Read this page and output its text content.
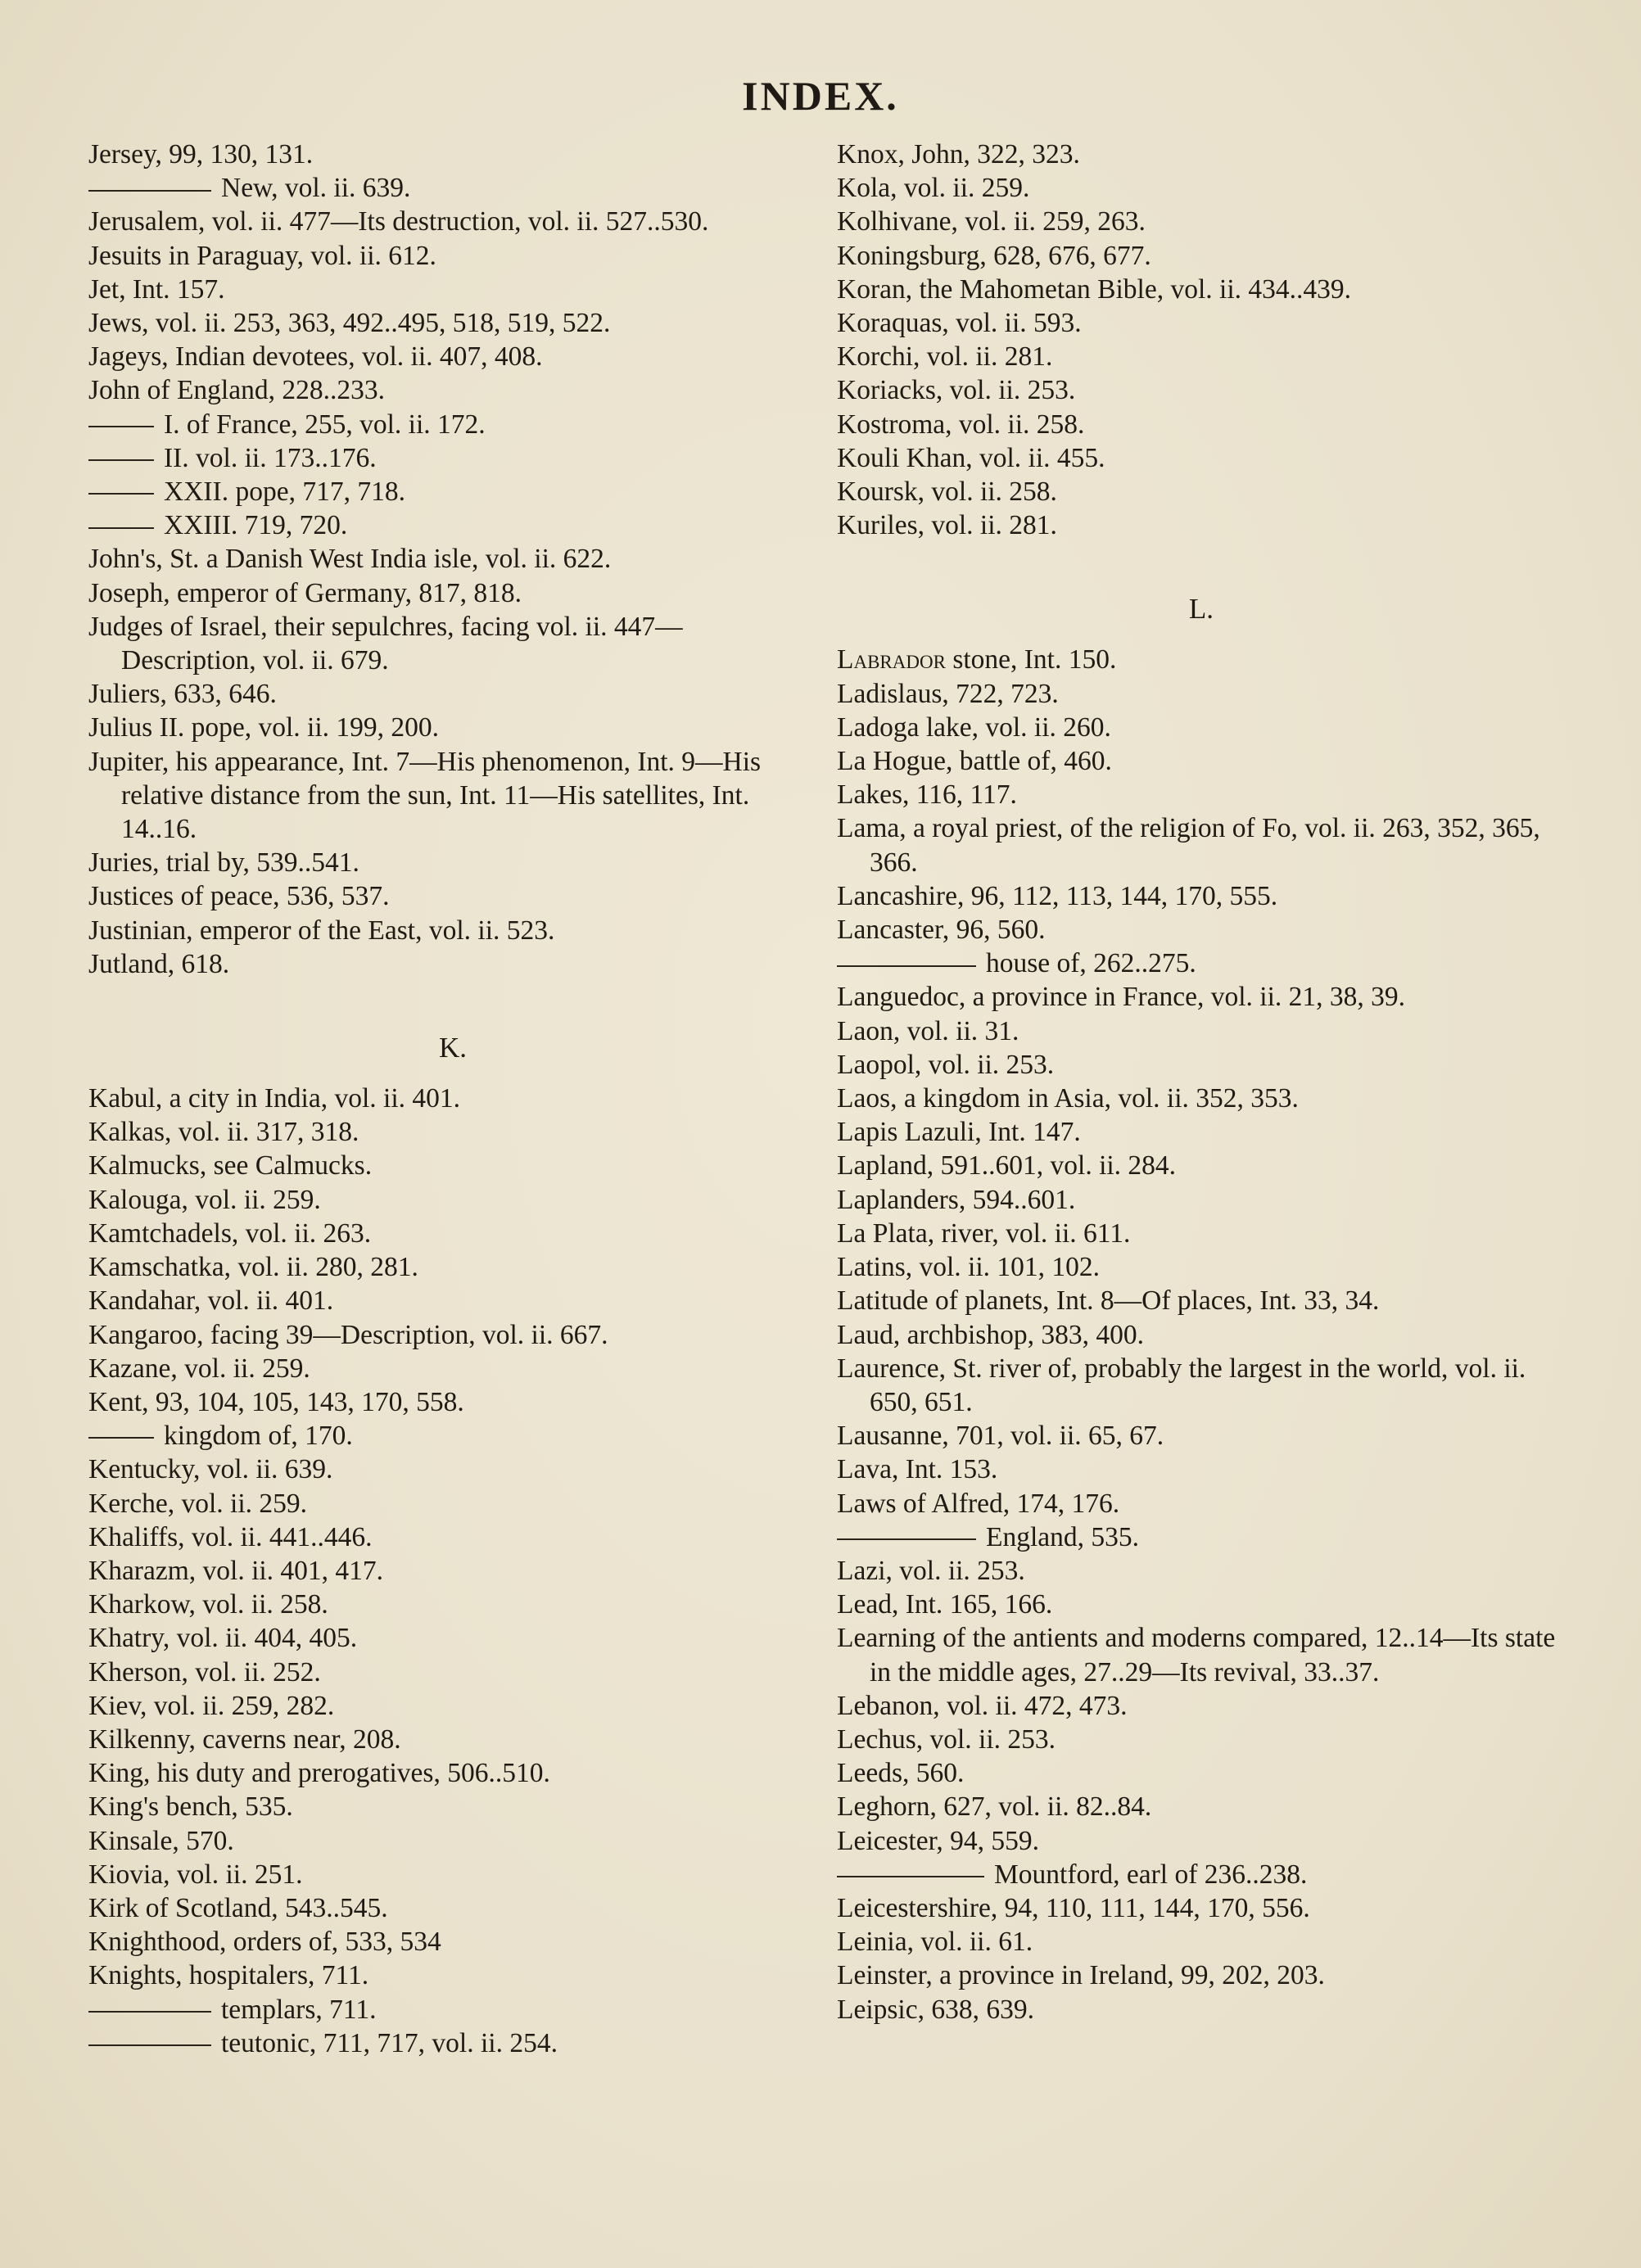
INDEX.
Jersey, 99, 130, 131.
New, vol. ii. 639.
Jerusalem, vol. ii. 477—Its destruction, vol. ii. 527..530.
Jesuits in Paraguay, vol. ii. 612.
Jet, Int. 157.
Jews, vol. ii. 253, 363, 492..495, 518, 519, 522.
Jageys, Indian devotees, vol. ii. 407, 408.
John of England, 228..233.
I. of France, 255, vol. ii. 172.
II. vol. ii. 173..176.
XXII. pope, 717, 718.
XXIII. 719, 720.
John's, St. a Danish West India isle, vol. ii. 622.
Joseph, emperor of Germany, 817, 818.
Judges of Israel, their sepulchres, facing vol. ii. 447—Description, vol. ii. 679.
Juliers, 633, 646.
Julius II. pope, vol. ii. 199, 200.
Jupiter, his appearance, Int. 7—His phenomenon, Int. 9—His relative distance from the sun, Int. 11—His satellites, Int. 14..16.
Juries, trial by, 539..541.
Justices of peace, 536, 537.
Justinian, emperor of the East, vol. ii. 523.
Jutland, 618.
K.
Kabul, a city in India, vol. ii. 401.
Kalkas, vol. ii. 317, 318.
Kalmucks, see Calmucks.
Kalouga, vol. ii. 259.
Kamtchadels, vol. ii. 263.
Kamschatka, vol. ii. 280, 281.
Kandahar, vol. ii. 401.
Kangaroo, facing 39—Description, vol. ii. 667.
Kazane, vol. ii. 259.
Kent, 93, 104, 105, 143, 170, 558.
kingdom of, 170.
Kentucky, vol. ii. 639.
Kerche, vol. ii. 259.
Khaliffs, vol. ii. 441..446.
Kharazm, vol. ii. 401, 417.
Kharkow, vol. ii. 258.
Khatry, vol. ii. 404, 405.
Kherson, vol. ii. 252.
Kiev, vol. ii. 259, 282.
Kilkenny, caverns near, 208.
King, his duty and prerogatives, 506..510.
King's bench, 535.
Kinsale, 570.
Kiovia, vol. ii. 251.
Kirk of Scotland, 543..545.
Knighthood, orders of, 533, 534
Knights, hospitalers, 711.
templars, 711.
teutonic, 711, 717, vol. ii. 254.
Knox, John, 322, 323.
Kola, vol. ii. 259.
Kolhivane, vol. ii. 259, 263.
Koningsburg, 628, 676, 677.
Koran, the Mahometan Bible, vol. ii. 434..439.
Koraquas, vol. ii. 593.
Korchi, vol. ii. 281.
Koriacks, vol. ii. 253.
Kostroma, vol. ii. 258.
Kouli Khan, vol. ii. 455.
Koursk, vol. ii. 258.
Kuriles, vol. ii. 281.
L.
Labrador stone, Int. 150.
Ladislaus, 722, 723.
Ladoga lake, vol. ii. 260.
La Hogue, battle of, 460.
Lakes, 116, 117.
Lama, a royal priest, of the religion of Fo, vol. ii. 263, 352, 365, 366.
Lancashire, 96, 112, 113, 144, 170, 555.
Lancaster, 96, 560.
house of, 262..275.
Languedoc, a province in France, vol. ii. 21, 38, 39.
Laon, vol. ii. 31.
Laopol, vol. ii. 253.
Laos, a kingdom in Asia, vol. ii. 352, 353.
Lapis Lazuli, Int. 147.
Lapland, 591..601, vol. ii. 284.
Laplanders, 594..601.
La Plata, river, vol. ii. 611.
Latins, vol. ii. 101, 102.
Latitude of planets, Int. 8—Of places, Int. 33, 34.
Laud, archbishop, 383, 400.
Laurence, St. river of, probably the largest in the world, vol. ii. 650, 651.
Lausanne, 701, vol. ii. 65, 67.
Lava, Int. 153.
Laws of Alfred, 174, 176.
England, 535.
Lazi, vol. ii. 253.
Lead, Int. 165, 166.
Learning of the antients and moderns compared, 12..14—Its state in the middle ages, 27..29—Its revival, 33..37.
Lebanon, vol. ii. 472, 473.
Lechus, vol. ii. 253.
Leeds, 560.
Leghorn, 627, vol. ii. 82..84.
Leicester, 94, 559.
Mountford, earl of 236..238.
Leicestershire, 94, 110, 111, 144, 170, 556.
Leinia, vol. ii. 61.
Leinster, a province in Ireland, 99, 202, 203.
Leipsic, 638, 639.
